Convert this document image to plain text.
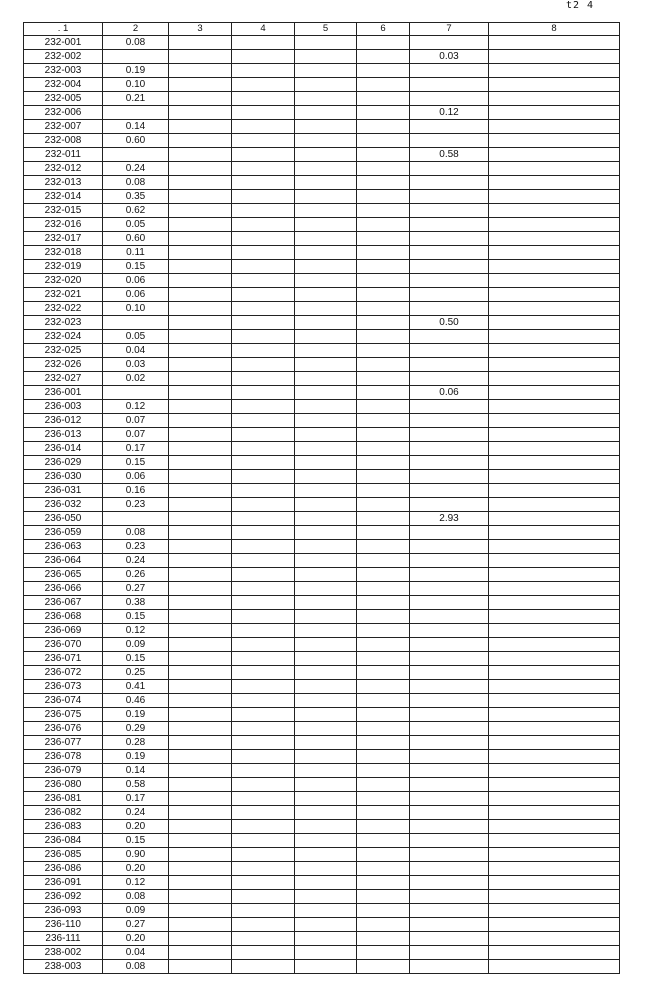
t2 4
. 1	2	3	4	5	6	7	8
232-001	0.08						
232-002						0.03	
232-003	0.19						
232-004	0.10						
232-005	0.21						
232-006						0.12	
232-007	0.14						
232-008	0.60						
232-011						0.58	
232-012	0.24						
232-013	0.08						
232-014	0.35						
232-015	0.62						
232-016	0.05						
232-017	0.60						
232-018	0.11						
232-019	0.15						
232-020	0.06						
232-021	0.06						
232-022	0.10						
232-023						0.50	
232-024	0.05						
232-025	0.04						
232-026	0.03						
232-027	0.02						
236-001						0.06	
236-003	0.12						
236-012	0.07						
236-013	0.07						
236-014	0.17						
236-029	0.15						
236-030	0.06						
236-031	0.16						
236-032	0.23						
236-050						2.93	
236-059	0.08						
236-063	0.23						
236-064	0.24						
236-065	0.26						
236-066	0.27						
236-067	0.38						
236-068	0.15						
236-069	0.12						
236-070	0.09						
236-071	0.15						
236-072	0.25						
236-073	0.41						
236-074	0.46						
236-075	0.19						
236-076	0.29						
236-077	0.28						
236-078	0.19						
236-079	0.14						
236-080	0.58						
236-081	0.17						
236-082	0.24						
236-083	0.20						
236-084	0.15						
236-085	0.90						
236-086	0.20						
236-091	0.12						
236-092	0.08						
236-093	0.09						
236-110	0.27						
236-111	0.20						
238-002	0.04						
238-003	0.08						
